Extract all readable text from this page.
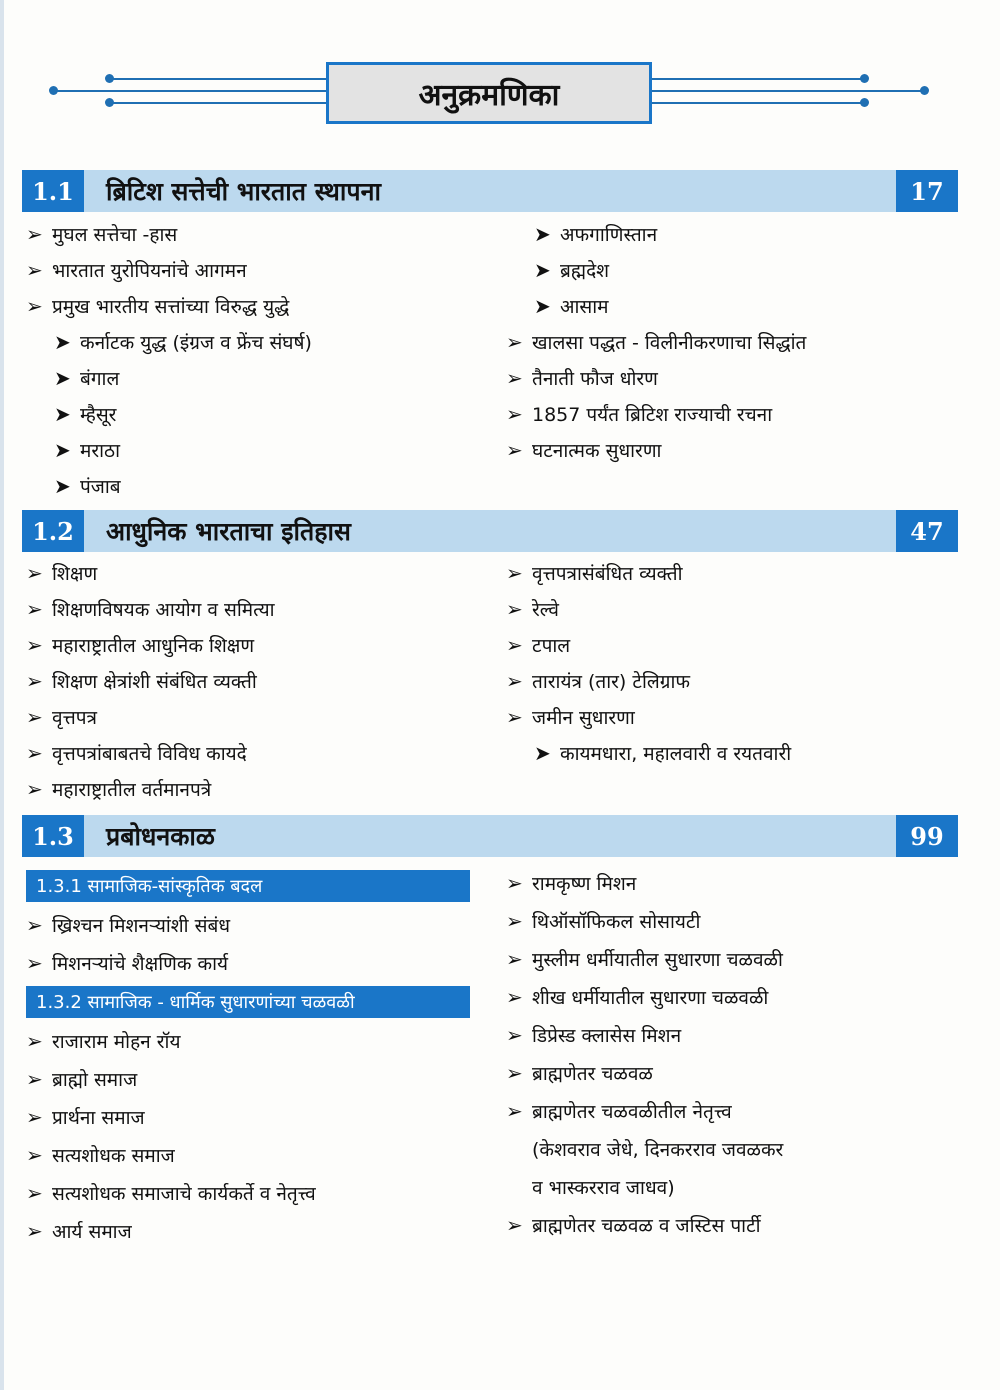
अनुक्रमणिका
1.1	ब्रिटिश सत्तेची भारतात स्थापना	17
➢ मुघल सत्तेचा -हास
➢ भारतात युरोपियनांचे आगमन
➢ प्रमुख भारतीय सत्तांच्या विरुद्ध युद्धे
➤ कर्नाटक युद्ध (इंग्रज व फ्रेंच संघर्ष)
➤ बंगाल
➤ म्हैसूर
➤ मराठा
➤ पंजाब
➤ अफगाणिस्तान
➤ ब्रह्मदेश
➤ आसाम
➢ खालसा पद्धत - विलीनीकरणाचा सिद्धांत
➢ तैनाती फौज धोरण
➢ 1857 पर्यंत ब्रिटिश राज्याची रचना
➢ घटनात्मक सुधारणा
1.2	आधुनिक भारताचा इतिहास	47
➢ शिक्षण
➢ शिक्षणविषयक आयोग व समित्या
➢ महाराष्ट्रातील आधुनिक शिक्षण
➢ शिक्षण क्षेत्रांशी संबंधित व्यक्ती
➢ वृत्तपत्र
➢ वृत्तपत्रांबाबतचे विविध कायदे
➢ महाराष्ट्रातील वर्तमानपत्रे
➢ वृत्तपत्रासंबंधित व्यक्ती
➢ रेल्वे
➢ टपाल
➢ तारायंत्र (तार) टेलिग्राफ
➢ जमीन सुधारणा
➤ कायमधारा, महालवारी व रयतवारी
1.3	प्रबोधनकाळ	99
1.3.1 सामाजिक-सांस्कृतिक बदल
➢ ख्रिश्चन मिशनऱ्यांशी संबंध
➢ मिशनऱ्यांचे शैक्षणिक कार्य
1.3.2 सामाजिक - धार्मिक सुधारणांच्या चळवळी
➢ राजाराम मोहन रॉय
➢ ब्राह्मो समाज
➢ प्रार्थना समाज
➢ सत्यशोधक समाज
➢ सत्यशोधक समाजाचे कार्यकर्ते व नेतृत्त्व
➢ आर्य समाज
➢ रामकृष्ण मिशन
➢ थिऑसॉफिकल सोसायटी
➢ मुस्लीम धर्मीयातील सुधारणा चळवळी
➢ शीख धर्मीयातील सुधारणा चळवळी
➢ डिप्रेस्ड क्लासेस मिशन
➢ ब्राह्मणेतर चळवळ
➢ ब्राह्मणेतर चळवळीतील नेतृत्त्व
(केशवराव जेधे, दिनकरराव जवळकर
व भास्करराव जाधव)
➢ ब्राह्मणेतर चळवळ व जस्टिस पार्टी
